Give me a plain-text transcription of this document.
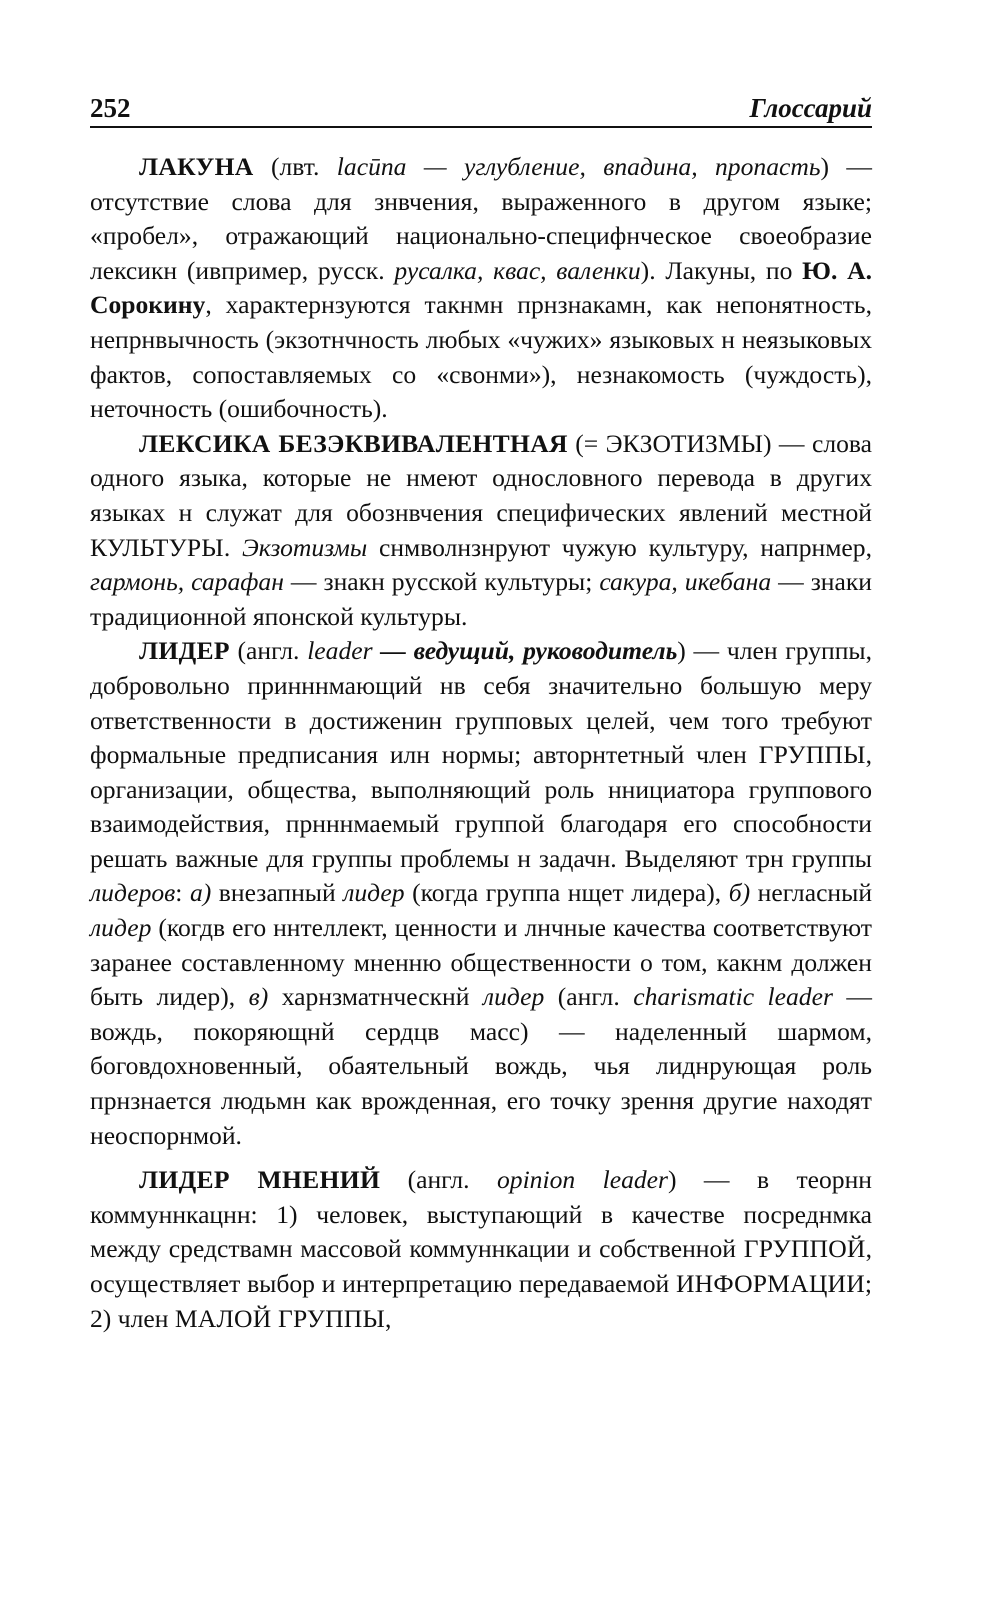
252	Глоссарий

ЛАКУНА (лвт. lacūna — углубление, впадина, пропасть) — отсутствие слова для знвчения, выраженного в другом языке; «пробел», отражающий национально-специфнческое своеобразие лексикн (ивпример, русск. русалка, квас, валенки). Лакуны, по Ю. А. Сорокину, характернзуются такнмн прнзнакамн, как непонятность, непрнвычность (экзотнчность любых «чужих» языковых н неязыковых фактов, сопоставляемых со «свонми»), незнакомость (чуждость), неточность (ошибочность).

ЛЕКСИКА БЕЗЭКВИВАЛЕНТНАЯ (= ЭКЗОТИЗМЫ) — слова одного языка, которые не нмеют однословного перевода в других языках н служат для обознвчения специфических явлений местной КУЛЬТУРЫ. Экзотизмы снмволнзнруют чужую культуру, напрнмер, гармонь, сарафан — знакн русской культуры; сакура, икебана — знаки традиционной японской культуры.

ЛИДЕР (англ. leader — ведущий, руководитель) — член группы, добровольно принннмающий нв себя значительно большую меру ответственности в достиженин групповых целей, чем того требуют формальные предписания илн нормы; авторнтетный член ГРУППЫ, организации, общества, выполняющий роль ннициатора группового взаимодействия, прнннмаемый группой благодаря его способности решать важные для группы проблемы н задачн. Выделяют трн группы лидеров: а) внезапный лидер (когда группа нщет лидера), б) негласный лидер (когдв его ннтеллект, ценности и лнчные качества соответствуют заранее составленному мненню общественности о том, какнм должен быть лидер), в) харнзматнческнй лидер (англ. charismatic leader — вождь, покоряющнй сердцв масс) — наделенный шармом, боговдохновенный, обаятельный вождь, чья лиднрующая роль прнзнается людьмн как врожденная, его точку зрення другие находят неоспорнмой.

ЛИДЕР МНЕНИЙ (англ. opinion leader) — в теорнн коммуннкацнн: 1) человек, выступающий в качестве посреднмка между средствамн массовой коммуннкации и собственной ГРУППОЙ, осуществляет выбор и интерпретацию передаваемой ИНФОРМАЦИИ; 2) член МАЛОЙ ГРУППЫ,
